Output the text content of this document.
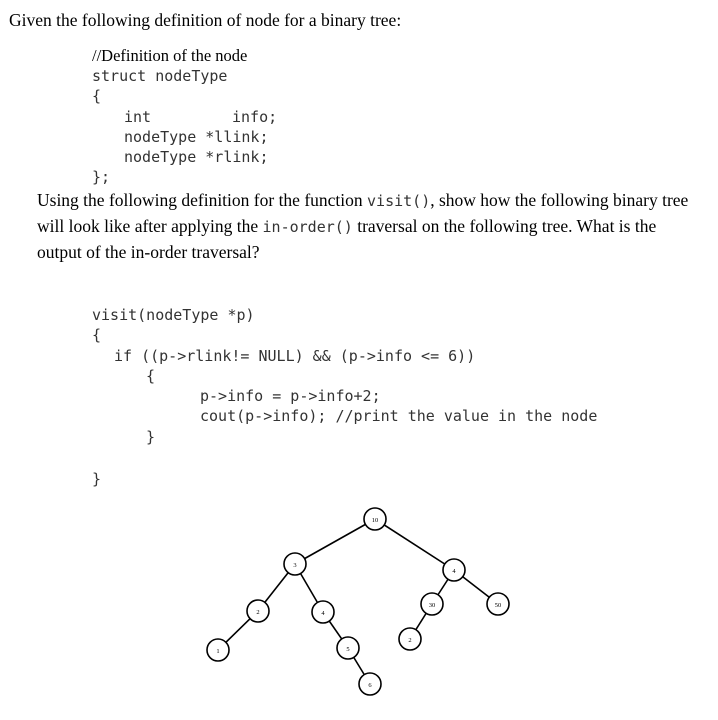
Given the following definition of node for a binary tree:
//Definition of the node
struct nodeType
{
int	info;
nodeType *llink;
nodeType *rlink;
};
Using the following definition for the function visit(), show how the following binary tree will look like after applying the in-order() traversal on the following tree. What is the output of the in-order traversal?
visit(nodeType *p)
{
if ((p->rlink!= NULL) && (p->info <= 6))
{
p->info = p->info+2;
cout(p->info); //print the value in the node
}
}
10
3
4
2	4
30	50
1	5
2
6
